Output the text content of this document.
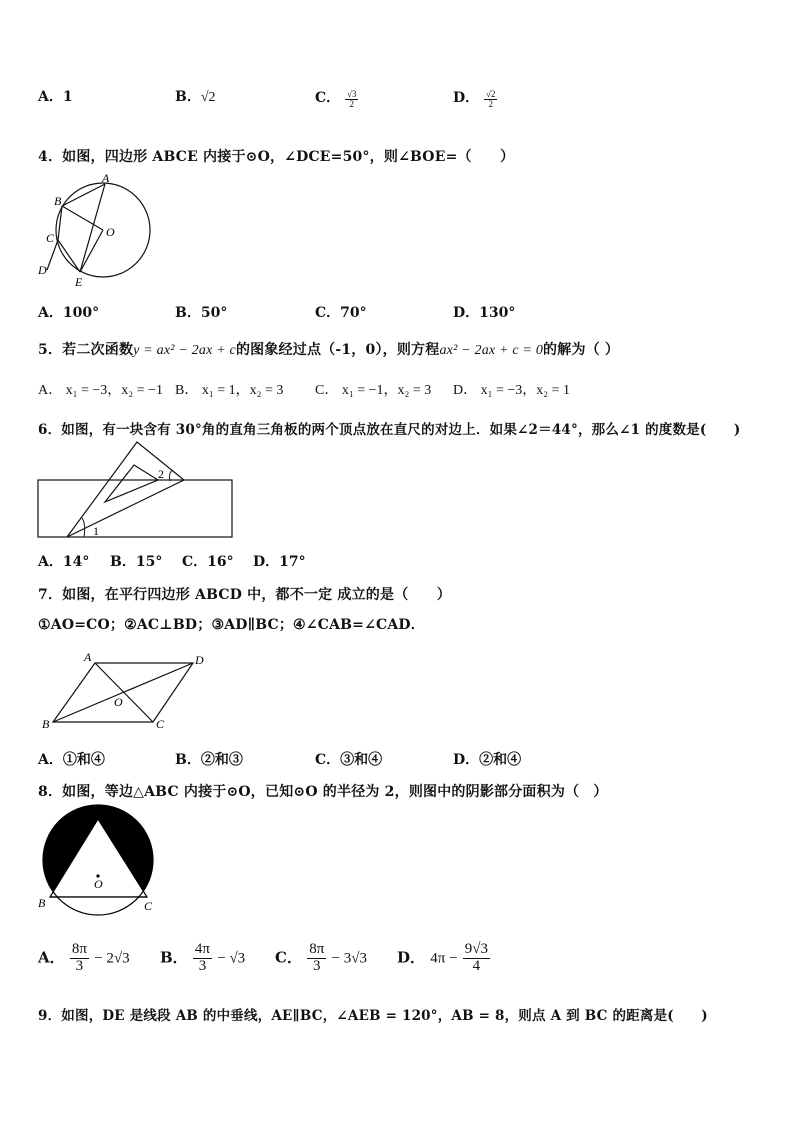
A．1	B．√2	C． $\frac{√3}{2}$	D． $\frac{√2}{2}$
4．如图，四边形 ABCE 内接于⊙O，∠DCE=50°，则∠BOE=（　　）
A
B
C
D
E
O
A．100°	B．50°	C．70°	D．130°
5．若二次函数y = ax² − 2ax + c的图象经过点（-1，0），则方程ax² − 2ax + c = 0的解为（ ）
A． x₁ = −3，x₂ = −1 B． x₁ = 1，x₂ = 3 C． x₁ = −1，x₂ = 3 D． x₁ = −3，x₂ = 1
6．如图，有一块含有 30°角的直角三角板的两个顶点放在直尺的对边上．如果∠2＝44°，那么∠1 的度数是(　　)
2
1
A．14° B．15° C．16° D．17°
7．如图，在平行四边形 ABCD 中，都不一定 成立的是（　　）
①AO=CO；②AC⊥BD；③AD∥BC；④∠CAB=∠CAD．
A
B	C
D
O
A．①和④	B．②和③	C．③和④	D．②和④
8．如图，等边△ABC 内接于⊙O，已知⊙O 的半径为 2，则图中的阴影部分面积为（　）
A
B	C
O
A． $\frac{8\pi}{3} - 2√3$ B． $\frac{4\pi}{3} - √3$ C． $\frac{8\pi}{3} - 3√3$ D． $4\pi - \frac{9√3}{4}$
9．如图，DE 是线段 AB 的中垂线，AE∥BC，∠AEB = 120°，AB = 8，则点 A 到 BC 的距离是(　　)
